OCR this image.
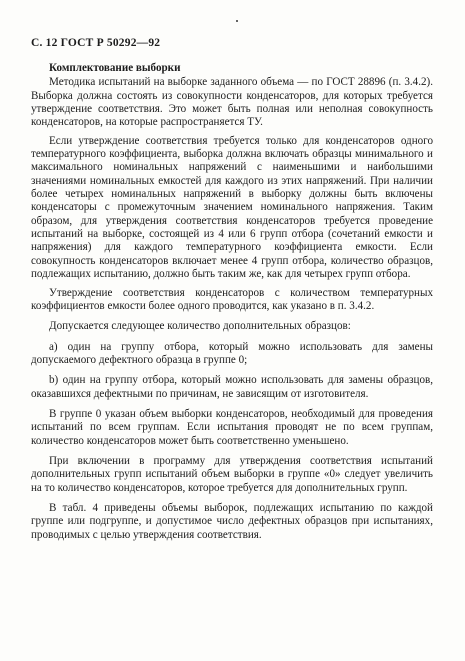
С. 12 ГОСТ Р 50292—92
Комплектование выборки

Методика испытаний на выборке заданного объема — по ГОСТ 28896 (п. 3.4.2). Выборка должна состоять из совокупности конденсаторов, для которых требуется утверждение соответствия. Это может быть полная или неполная совокупность конденсаторов, на которые распространяется ТУ.

Если утверждение соответствия требуется только для конденсаторов одного температурного коэффициента, выборка должна включать образцы минимального и максимального номинальных напряжений с наименьшими и наибольшими значениями номинальных емкостей для каждого из этих напряжений. При наличии более четырех номинальных напряжений в выборку должны быть включены конденсаторы с промежуточным значением номинального напряжения. Таким образом, для утверждения соответствия конденсаторов требуется проведение испытаний на выборке, состоящей из 4 или 6 групп отбора (сочетаний емкости и напряжения) для каждого температурного коэффициента емкости. Если совокупность конденсаторов включает менее 4 групп отбора, количество образцов, подлежащих испытанию, должно быть таким же, как для четырех групп отбора.

Утверждение соответствия конденсаторов с количеством температурных коэффициентов емкости более одного проводится, как указано в п. 3.4.2.

Допускается следующее количество дополнительных образцов:

а) один на группу отбора, который можно использовать для замены допускаемого дефектного образца в группе 0;

b) один на группу отбора, который можно использовать для замены образцов, оказавшихся дефектными по причинам, не зависящим от изготовителя.

В группе 0 указан объем выборки конденсаторов, необходимый для проведения испытаний по всем группам. Если испытания проводят не по всем группам, количество конденсаторов может быть соответственно уменьшено.

При включении в программу для утверждения соответствия испытаний дополнительных групп испытаний объем выборки в группе «0» следует увеличить на то количество конденсаторов, которое требуется для дополнительных групп.

В табл. 4 приведены объемы выборок, подлежащих испытанию по каждой группе или подгруппе, и допустимое число дефектных образцов при испытаниях, проводимых с целью утверждения соответствия.
